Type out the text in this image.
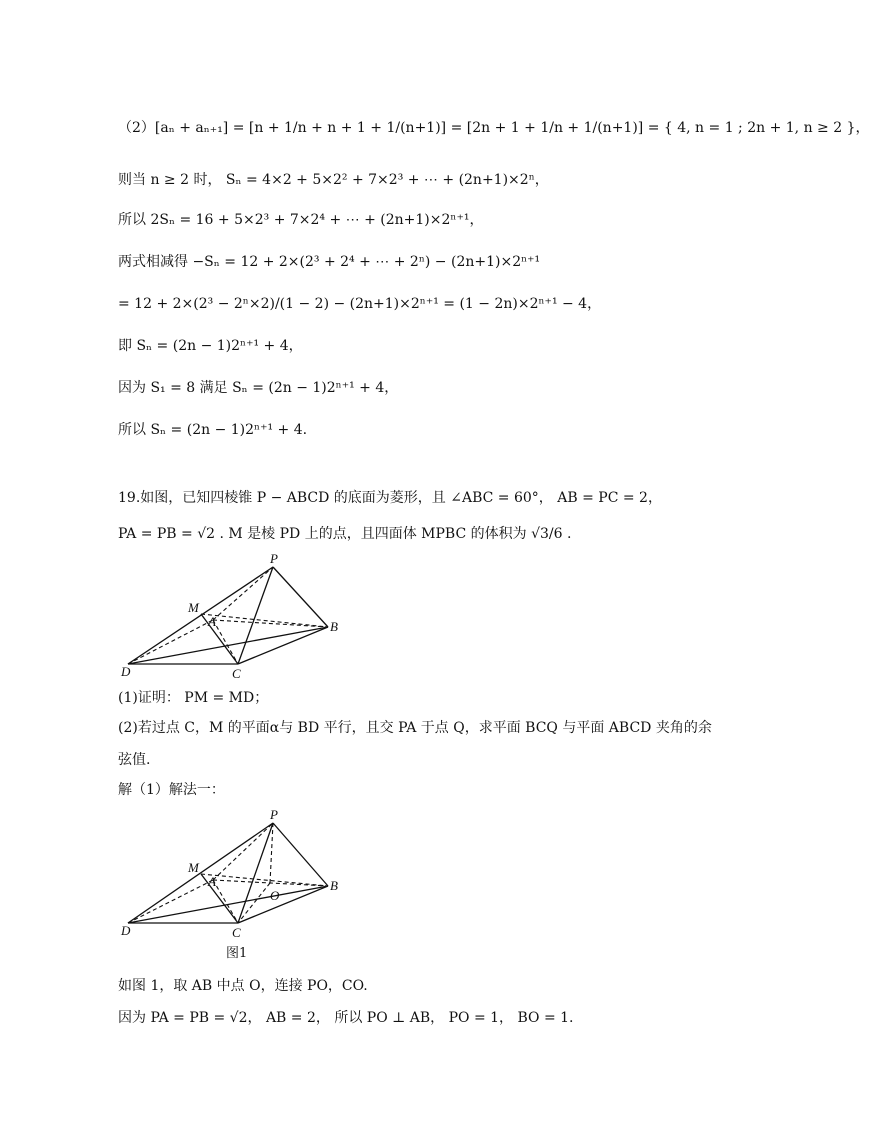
（2）[aₙ + aₙ₊₁] = [n + 1/n + n + 1 + 1/(n+1)] = [2n + 1 + 1/n + 1/(n+1)] = { 4, n = 1 ; 2n + 1, n ≥ 2 }，
则当 n ≥ 2 时， Sₙ = 4×2 + 5×2² + 7×2³ + ⋯ + (2n+1)×2ⁿ，
所以 2Sₙ = 16 + 5×2³ + 7×2⁴ + ⋯ + (2n+1)×2ⁿ⁺¹，
两式相减得 −Sₙ = 12 + 2×(2³ + 2⁴ + ⋯ + 2ⁿ) − (2n+1)×2ⁿ⁺¹
= 12 + 2×(2³ − 2ⁿ×2)/(1 − 2) − (2n+1)×2ⁿ⁺¹ = (1 − 2n)×2ⁿ⁺¹ − 4，
即 Sₙ = (2n − 1)2ⁿ⁺¹ + 4，
因为 S₁ = 8 满足 Sₙ = (2n − 1)2ⁿ⁺¹ + 4，
所以 Sₙ = (2n − 1)2ⁿ⁺¹ + 4.
19.如图，已知四棱锥 P − ABCD 的底面为菱形，且 ∠ABC = 60°， AB = PC = 2，
PA = PB = √2 . M 是棱 PD 上的点，且四面体 MPBC 的体积为 √3/6 .
P
M
A	B
C
D
(1)证明： PM = MD；
(2)若过点 C，M 的平面α与 BD 平行，且交 PA 于点 Q，求平面 BCQ 与平面 ABCD 夹角的余
弦值.
解（1）解法一：
P
M
A
O
B
C
D
图1
如图 1，取 AB 中点 O，连接 PO，CO.
因为 PA = PB = √2， AB = 2， 所以 PO ⊥ AB， PO = 1， BO = 1.
